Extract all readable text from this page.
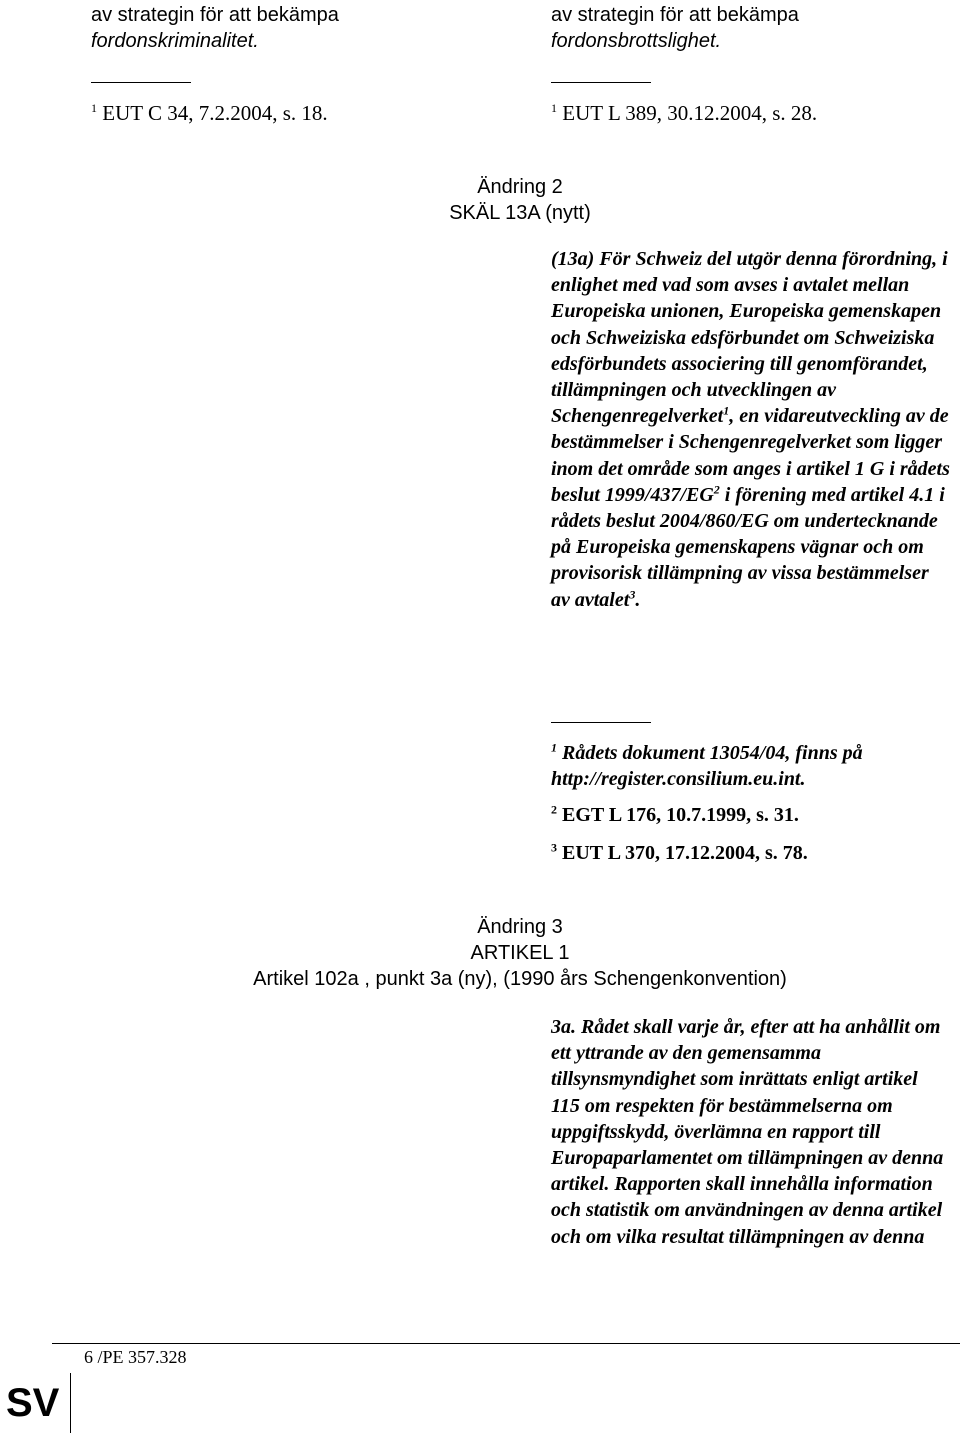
av strategin för att bekämpa

fordonskriminalitet.

av strategin för att bekämpa

fordonsbrottslighet.

$^1$ EUT C 34, 7.2.2004, s. 18.	$^1$ EUT L 389, 30.12.2004, s. 28.

Ändring 2

SKÄL 13A (nytt)

(13a) För Schweiz del utgör denna förordning, i enlighet med vad som avses i avtalet mellan Europeiska unionen, Europeiska gemenskapen och Schweiziska edsförbundet om Schweiziska edsförbundets associering till genomförandet, tillämpningen och utvecklingen av Schengenregelverket$^1$, en vidareutveckling av de bestämmelser i Schengenregelverket som ligger inom det område som anges i artikel 1 G i rådets beslut $1999/437/EG^2$ i förening med artikel 4.1 i rådets beslut 2004/860/EG om undertecknande på Europeiska gemenskapens vägnar och om provisorisk tillämpning av vissa bestämmelser av avtalet$^3$.

$^1$ Rådets dokument 13054/04, finns på http://register.consilium.eu.int.

$^2$ EGT L 176, 10.7.1999, s. 31.

$^3$ EUT L 370, 17.12.2004, s. 78.

Ändring 3

ARTIKEL 1

Artikel 102a , punkt 3a (ny), (1990 års Schengenkonvention)

3a. Rådet skall varje år, efter att ha anhållit om ett yttrande av den gemensamma tillsynsmyndighet som inrättats enligt artikel 115 om respekten för bestämmelserna om uppgiftsskydd, överlämna en rapport till Europaparlamentet om tillämpningen av denna artikel. Rapporten skall innehålla information och statistik om användningen av denna artikel och om vilka resultat tillämpningen av denna
6 /PE 357.328
SV
